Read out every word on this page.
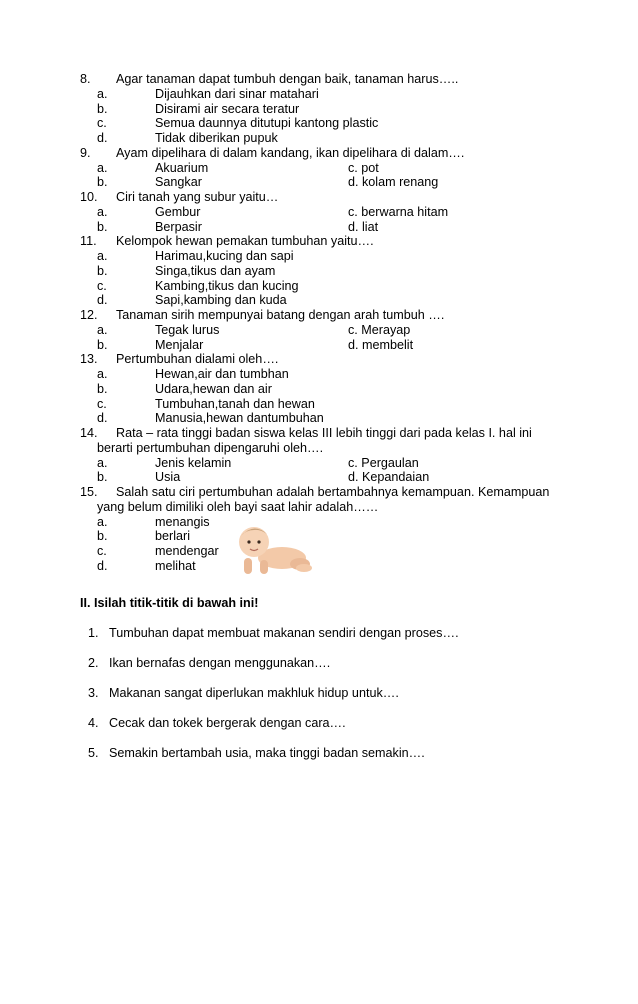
8. Agar tanaman dapat tumbuh dengan baik, tanaman harus…..
a.	Dijauhkan dari sinar matahari
b.	Disirami air secara teratur
c.	Semua daunnya ditutupi kantong plastic
d.	Tidak diberikan pupuk
9. Ayam dipelihara di dalam kandang, ikan dipelihara di dalam….
a.	Akuarium	c. pot
b.	Sangkar	d. kolam renang
10. Ciri tanah yang subur yaitu…
a.	Gembur	c. berwarna hitam
b.	Berpasir	d. liat
11. Kelompok hewan pemakan tumbuhan yaitu….
a.	Harimau,kucing dan sapi
b.	Singa,tikus dan ayam
c.	Kambing,tikus dan kucing
d.	Sapi,kambing dan kuda
12. Tanaman sirih mempunyai batang dengan arah tumbuh ….
a.	Tegak lurus	c. Merayap
b.	Menjalar	d. membelit
13. Pertumbuhan dialami oleh….
a.	Hewan,air dan tumbhan
b.	Udara,hewan dan air
c.	Tumbuhan,tanah dan hewan
d.	Manusia,hewan dantumbuhan
14. Rata – rata tinggi badan siswa kelas III lebih tinggi dari pada kelas I. hal ini
berarti pertumbuhan dipengaruhi oleh….
a.	Jenis kelamin	c. Pergaulan
b.	Usia	d. Kepandaian
15. Salah satu ciri pertumbuhan adalah bertambahnya kemampuan. Kemampuan
yang belum dimiliki oleh bayi saat lahir adalah……
a.	menangis
b.	berlari
c.	mendengar
d.	melihat
II. Isilah titik-titik di bawah ini!
1. Tumbuhan dapat membuat makanan sendiri dengan proses….
2. Ikan bernafas dengan menggunakan….
3. Makanan sangat diperlukan makhluk hidup untuk….
4. Cecak dan tokek bergerak dengan cara….
5. Semakin bertambah usia, maka tinggi badan semakin….
